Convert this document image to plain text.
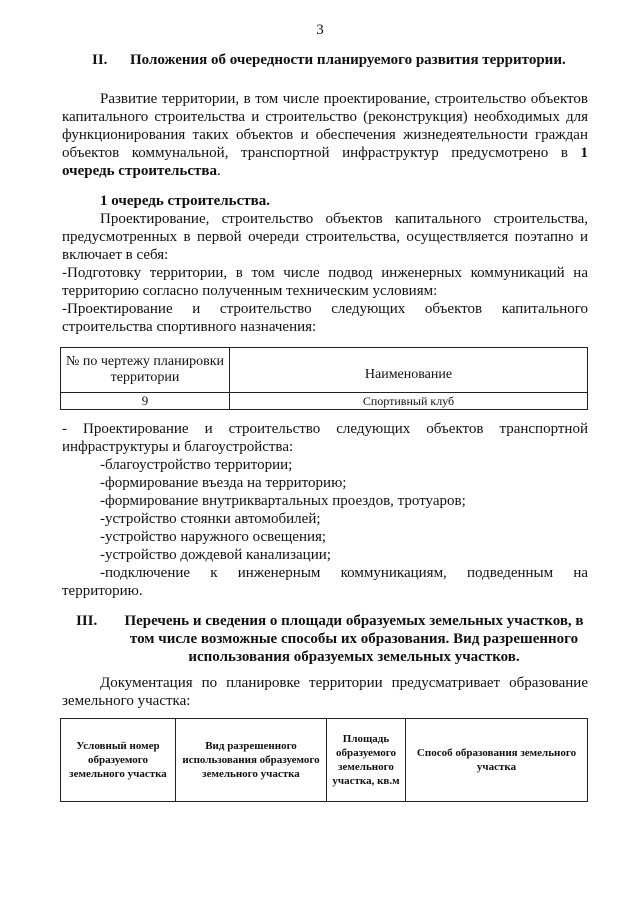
3
II. Положения об очередности планируемого развития территории.
Развитие территории, в том числе проектирование, строительство объектов капитального строительства и строительство (реконструкция) необходимых для функционирования таких объектов и обеспечения жизнедеятельности граждан объектов коммунальной, транспортной инфраструктур предусмотрено в 1 очередь строительства.
1 очередь строительства.
Проектирование, строительство объектов капитального строительства, предусмотренных в первой очереди строительства, осуществляется поэтапно и включает в себя:
-Подготовку территории, в том числе подвод инженерных коммуникаций на территорию согласно полученным техническим условиям:
-Проектирование и строительство следующих объектов капитального строительства спортивного назначения:
№ по чертежу планировки территории	Наименование
9	Спортивный клуб
- Проектирование и строительство следующих объектов транспортной инфраструктуры и благоустройства:
-благоустройство территории;
-формирование въезда на территорию;
-формирование внутриквартальных проездов, тротуаров;
-устройство стоянки автомобилей;
-устройство наружного освещения;
-устройство дождевой канализации;
-подключение к инженерным коммуникациям, подведенным на
территорию.
III.	Перечень и сведения о площади образуемых земельных участков, в том числе возможные способы их образования. Вид разрешенного использования образуемых земельных участков.
Документация по планировке территории предусматривает образование земельного участка:
Условный номер образуемого земельного участка	Вид разрешенного использования образуемого земельного участка	Площадь образуемого земельного участка, кв.м	Способ образования земельного участка
